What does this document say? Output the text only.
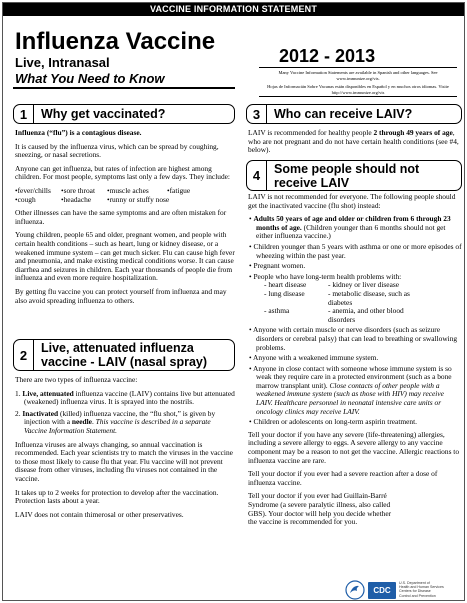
VACCINE INFORMATION STATEMENT
Influenza Vaccine
Live, Intranasal
What You Need to Know
2012 - 2013
Many Vaccine Information Statements are available in Spanish and other languages. See www.immunize.org/vis.
Hojas de Informacián Sobre Vacunas están disponibles en Español y en muchos otros idiomas. Visite http://www.immunize.org/vis
1	Why get vaccinated?

Influenza (“flu”) is a contagious disease.

It is caused by the influenza virus, which can be spread by coughing, sneezing, or nasal secretions.

Anyone can get influenza, but rates of infection are highest among children. For most people, symptoms last only a few days. They include:

• fever/chills	• sore throat	• muscle aches	• fatigue
• cough	• headache	• runny or stuffy nose

Other illnesses can have the same symptoms and are often mistaken for influenza.

Young children, people 65 and older, pregnant women, and people with certain health conditions – such as heart, lung or kidney disease, or a weakened immune system – can get much sicker. Flu can cause high fever and pneumonia, and make existing medical conditions worse. It can cause diarrhea and seizures in children. Each year thousands of people die from influenza and even more require hospitalization.

By getting flu vaccine you can protect yourself from influenza and may also avoid spreading influenza to others.

2	Live, attenuated influenza vaccine - LAIV (nasal spray)

There are two types of influenza vaccine:

1. Live, attenuated influenza vaccine (LAIV) contains live but attenuated (weakened) influenza virus. It is sprayed into the nostrils.
2. Inactivated (killed) influenza vaccine, the “flu shot,” is given by injection with a needle. This vaccine is described in a separate Vaccine Information Statement.

Influenza viruses are always changing, so annual vaccination is recommended. Each year scientists try to match the viruses in the vaccine to those most likely to cause flu that year. Flu vaccine will not prevent disease from other viruses, including flu viruses not contained in the vaccine.

It takes up to 2 weeks for protection to develop after the vaccination. Protection lasts about a year.

LAIV does not contain thimerosal or other preservatives.

3	Who can receive LAIV?

LAIV is recommended for healthy people 2 through 49 years of age, who are not pregnant and do not have certain health conditions (see #4, below).

4	Some people should not receive LAIV

LAIV is not recommended for everyone. The following people should get the inactivated vaccine (flu shot) instead:

• Adults 50 years of age and older or children from 6 through 23 months of age. (Children younger than 6 months should not get either influenza vaccine.)
• Children younger than 5 years with asthma or one or more episodes of wheezing within the past year.
• Pregnant women.
• People who have long-term health problems with:
- heart disease	- kidney or liver disease
- lung disease	- metabolic disease, such as diabetes
- asthma	- anemia, and other blood disorders
• Anyone with certain muscle or nerve disorders (such as seizure disorders or cerebral palsy) that can lead to breathing or swallowing problems.
• Anyone with a weakened immune system.
• Anyone in close contact with someone whose immune system is so weak they require care in a protected environment (such as a bone marrow transplant unit). Close contacts of other people with a weakened immune system (such as those with HIV) may receive LAIV. Healthcare personnel in neonatal intensive care units or oncology clinics may receive LAIV.
• Children or adolescents on long-term aspirin treatment.

Tell your doctor if you have any severe (life-threatening) allergies, including a severe allergy to eggs. A severe allergy to any vaccine component may be a reason to not get the vaccine. Allergic reactions to influenza vaccine are rare.

Tell your doctor if you ever had a severe reaction after a dose of influenza vaccine.

Tell your doctor if you ever had Guillain-Barré Syndrome (a severe paralytic illness, also called GBS). Your doctor will help you decide whether the vaccine is recommended for you.

CDC
U.S. Department of
Health and Human Services
Centers for Disease
Control and Prevention
